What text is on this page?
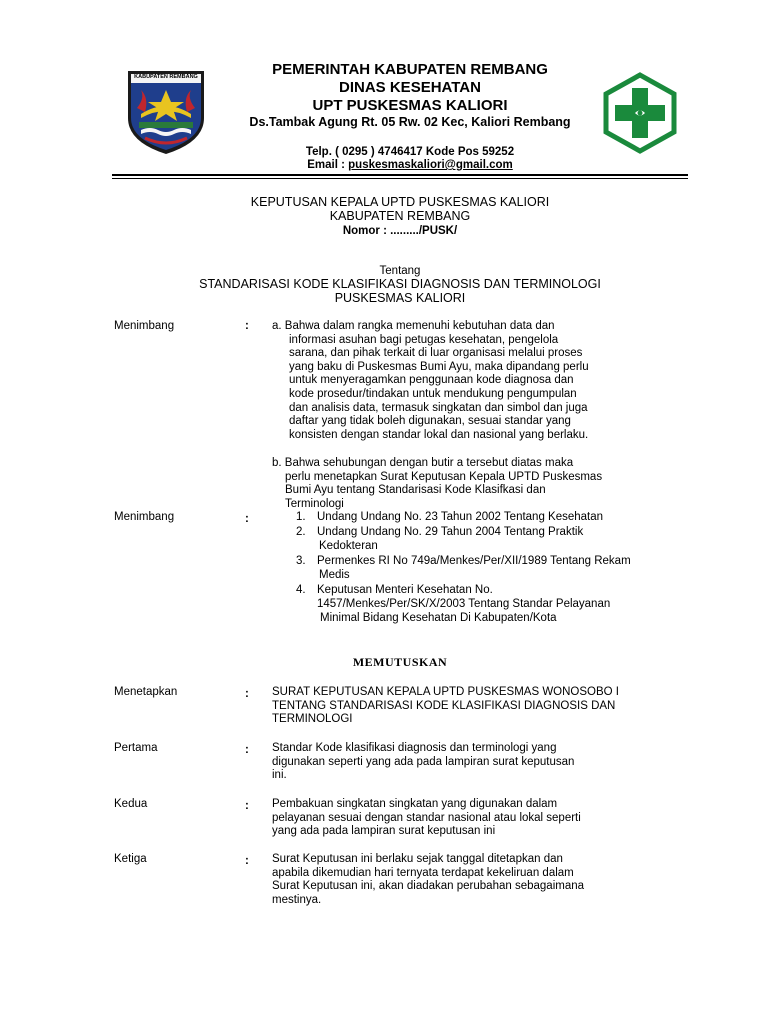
KABUPATEN REMBANG	PEMERINTAH KABUPATEN REMBANG
DINAS KESEHATAN
UPT PUSKESMAS KALIORI
Ds.Tambak Agung Rt. 05 Rw. 02 Kec, Kaliori Rembang
Telp. ( 0295 ) 4746417 Kode Pos 59252
Email : puskesmaskaliori@gmail.com
KEPUTUSAN KEPALA UPTD PUSKESMAS KALIORI
KABUPATEN REMBANG
Nomor : ........./PUSK/
Tentang
STANDARISASI KODE KLASIFIKASI DIAGNOSIS DAN TERMINOLOGI
PUSKESMAS KALIORI
Menimbang	: a. Bahwa dalam rangka memenuhi kebutuhan data dan
informasi asuhan bagi petugas kesehatan, pengelola
sarana, dan pihak terkait di luar organisasi melalui proses
yang baku di Puskesmas Bumi Ayu, maka dipandang perlu
untuk menyeragamkan penggunaan kode diagnosa dan
kode prosedur/tindakan untuk mendukung pengumpulan
dan analisis data, termasuk singkatan dan simbol dan juga
daftar yang tidak boleh digunakan, sesuai standar yang
konsisten dengan standar lokal dan nasional yang berlaku.
b. Bahwa sehubungan dengan butir a tersebut diatas maka
perlu menetapkan Surat Keputusan Kepala UPTD Puskesmas
Bumi Ayu tentang Standarisasi Kode Klasifkasi dan
Terminologi
Menimbang	:	1. Undang Undang No. 23 Tahun 2002 Tentang Kesehatan
2. Undang Undang No. 29 Tahun 2004 Tentang Praktik
Kedokteran
3. Permenkes RI No 749a/Menkes/Per/XII/1989 Tentang Rekam
Medis
4. Keputusan Menteri Kesehatan No.
1457/Menkes/Per/SK/X/2003 Tentang Standar Pelayanan
Minimal Bidang Kesehatan Di Kabupaten/Kota
MEMUTUSKAN
Menetapkan	: SURAT KEPUTUSAN KEPALA UPTD PUSKESMAS WONOSOBO I
TENTANG STANDARISASI KODE KLASIFIKASI DIAGNOSIS DAN
TERMINOLOGI
Pertama	: Standar Kode klasifikasi diagnosis dan terminologi yang
digunakan seperti yang ada pada lampiran surat keputusan
ini.
Kedua	: Pembakuan singkatan singkatan yang digunakan dalam
pelayanan sesuai dengan standar nasional atau lokal seperti
yang ada pada lampiran surat keputusan ini
Ketiga	: Surat Keputusan ini berlaku sejak tanggal ditetapkan dan
apabila dikemudian hari ternyata terdapat kekeliruan dalam
Surat Keputusan ini, akan diadakan perubahan sebagaimana
mestinya.
